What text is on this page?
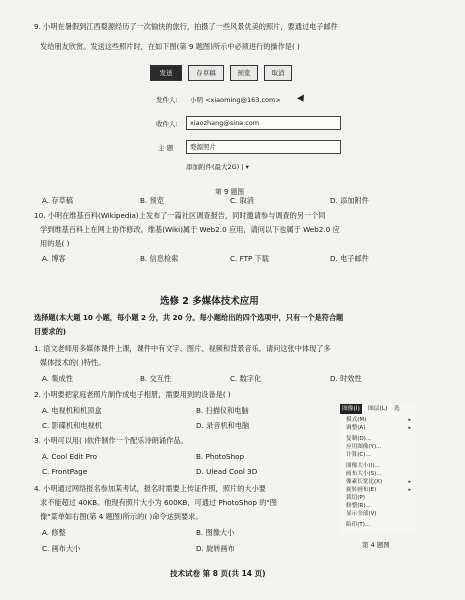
9. 小明在暑假到江西婺源经历了一次愉快的旅行，拍摄了一些风景优美的照片，要通过电子邮件
发给朋友欣赏。发送这些照片时，在如下图(第 9 题图)所示中必须进行的操作是( )
发送	存草稿	预览	取消
发件人: 小明 <xiaoming@163.com>
收件人:	xiaozhang@sina.com
主 题	婺源照片
添加附件(最大2G) | ▾
第 9 题图
A. 存草稿	B. 预览	C. 取消	D. 添加附件
10. 小明在维基百科(Wikipedia)上发布了一篇社区调查报告，同时邀请参与调查的另一个同
学到维基百科上在网上协作修改。维基(Wiki)属于 Web2.0 应用，请问以下也属于 Web2.0 应
用的是( )
A. 博客	B. 信息检索	C. FTP 下载	D. 电子邮件
选修 2 多媒体技术应用
选择题(本大题 10 小题，每小题 2 分，共 20 分。每小题给出的四个选项中，只有一个是符合题
目要求的)
1. 语文老师用多媒体课件上课，课件中有文字、图片、视频和背景音乐。请问这张中体现了多
媒体技术的( )特性。
A. 集成性	B. 交互性	C. 数字化	D. 时效性
2. 小明要把家庭老照片制作成电子相册，需要用到的设备是( )
A. 电视机和机顶盒	B. 扫描仪和电脑
C. 影碟机和电视机	D. 录音机和电脑
3. 小明可以用( )软件制作一个配乐诗朗诵作品。
A. Cool Edit Pro	B. PhotoShop
C. FrontPage	D. Ulead Cool 3D
4. 小明通过网络报名参加某考试，报名时需要上传证件照，照片的大小要
求不能超过 40KB。他现有照片大小为 600KB，可通过 PhotoShop 的"图
像"菜单如右图(第 4 题图)所示的( )命令达到要求。
A. 修整	B. 图像大小
C. 画布大小	D. 旋转画布
图像(I)	图层(L)	选
模式(M)	▸
调整(A)	▸
复制(D)...
应用图像(Y)...
计算(C)...
图像大小(I)...
画布大小(S)...
像素长宽比(X)	▸
旋转画布(E)	▸
裁切(P)
修整(R)...
显示全部(V)
陷印(T)...
第 4 题图
技术试卷 第 8 页(共 14 页)
